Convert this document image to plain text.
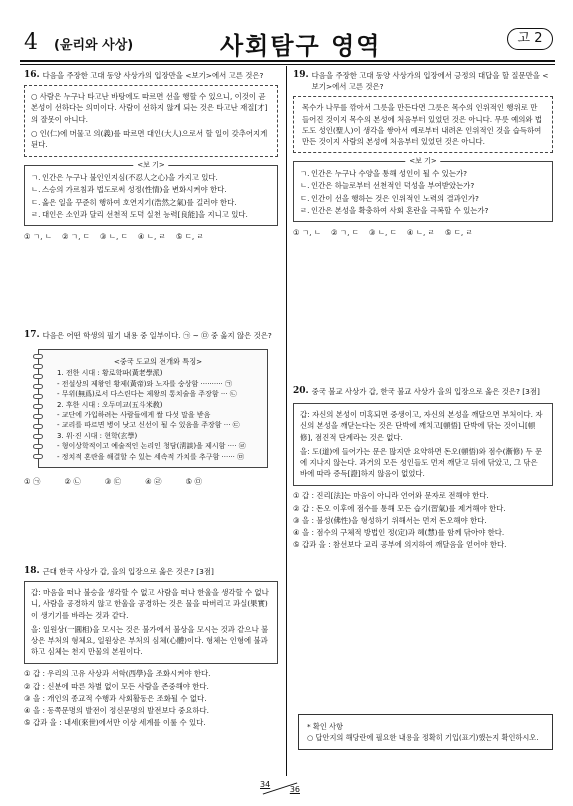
4 (윤리와 사상)	사회탐구 영역	고 2
16. 다음을 주장한 고대 동양 사상가의 입장만을 <보기>에서 고른 것은?
○ 사람은 누구나 타고난 바탕에도 따르면 선을 행할 수 있으니, 이것이 곧 본성이 선하다는 의미이다. 사람이 선하지 않게 되는 것은 타고난 재질[才]의 잘못이 아니다.
○ 인(仁)에 머물고 의(義)를 따르면 대인(大人)으로서 할 일이 갖추어지게 된다.
<보 기>
ㄱ. 인간은 누구나 불인인지심(不忍人之心)을 가지고 있다.
ㄴ. 스승의 가르침과 법도로써 성정(性情)을 변화시켜야 한다.
ㄷ. 옳은 일을 꾸준히 행하여 호연지기(浩然之氣)를 길러야 한다.
ㄹ. 대인은 소인과 달리 선천적 도덕 실천 능력[良能]을 지니고 있다.
① ㄱ, ㄴ ② ㄱ, ㄷ ③ ㄴ, ㄷ ④ ㄴ, ㄹ ⑤ ㄷ, ㄹ
17. 다음은 어떤 학생의 필기 내용 중 일부이다. ㉠ ~ ㉤ 중 옳지 않은 것은?
<중국 도교의 전개와 특징>
1. 전한 시대 : 황로학파(黃老學派)
- 전설상의 제왕인 황제(黃帝)와 노자를 숭상함 ·········· ㉠
- 무위(無爲)로서 다스린다는 제왕의 통치술을 주장함 ··· ㉡
2. 후한 시대 : 오두미교(五斗米敎)
- 교단에 가입하려는 사람들에게 쌀 다섯 말을 받음
- 교리를 따르면 병이 낫고 신선이 될 수 있음을 주장함 ··· ㉢
3. 위·진 시대 : 현학(玄學)
- 형이상학적이고 예술적인 논리인 청담(淸談)을 제시함 ···· ㉣
- 정치적 혼란을 해결할 수 있는 세속적 가치를 추구함 ······ ㉤
① ㉠	② ㉡	③ ㉢	④ ㉣	⑤ ㉤
18. 근대 한국 사상가 갑, 을의 입장으로 옳은 것은? [3점]
갑: 마음을 떠나 불승을 생각할 수 없고 사람을 떠나 한울을 생각할 수 없나니, 사람을 공경하지 않고 한울을 공경하는 것은 물을 따버리고 과실(果實)이 생기기를 바라는 것과 같다.
을: 일원상(一圓相)을 모시는 것은 불가에서 불상을 모시는 것과 같으나 불상은 부처의 형체요, 일원상은 부처의 심체(心體)이다. 형체는 인형에 불과하고 심체는 천지 만물의 본원이다.
① 갑 : 우리의 고유 사상과 서학(西學)을 조화시켜야 한다.
② 갑 : 신분에 따른 차별 없이 모든 사람을 존중해야 한다.
③ 을 : 개인의 종교적 수행과 사회활동은 조화될 수 없다.
④ 을 : 동쪽문명의 발전이 정신문명의 발전보다 중요하다.
⑤ 갑과 을 : 내세(來世)에서만 이상 세계를 이룰 수 있다.
19. 다음을 주장한 고대 동양 사상가의 입장에서 긍정의 대답을 할 질문만을 <보기>에서 고른 것은?
목수가 나무를 깎아서 그릇을 만든다면 그릇은 목수의 인위적인 행위로 만들어진 것이지 목수의 본성에 처음부터 있었던 것은 아니다. 무릇 예의와 법도도 성인(聖人)이 생각을 쌓아서 예로부터 내려온 인위적인 것을 습득하여 만든 것이지 사람의 본성에 처음부터 있었던 것은 아니다.
<보 기>
ㄱ. 인간은 누구나 수양을 통해 성인이 될 수 있는가?
ㄴ. 인간은 하늘로부터 선천적인 덕성을 부여받았는가?
ㄷ. 인간이 선을 행하는 것은 인위적인 노력의 결과인가?
ㄹ. 인간은 본성을 확충하여 사회 혼란을 극복할 수 있는가?
① ㄱ, ㄴ ② ㄱ, ㄷ ③ ㄴ, ㄷ ④ ㄴ, ㄹ ⑤ ㄷ, ㄹ
20. 중국 불교 사상가 갑, 한국 불교 사상가 을의 입장으로 옳은 것은? [3점]
갑: 자신의 본성이 미혹되면 중생이고, 자신의 본성을 깨달으면 부처이다. 자신의 본성을 깨닫는다는 것은 단박에 깨치고[頓悟] 단박에 닦는 것이니[頓修], 점진적 단계라는 것은 없다.
을: 도(道)에 들어가는 문은 많지만 요약하면 돈오(頓悟)와 점수(漸修) 두 문에 지나지 않는다. 과거의 모든 성인들도 먼저 깨닫고 뒤에 닦았고, 그 닦은 바에 따라 증득[證]하지 않음이 없었다.
① 갑 : 진리[法]는 마음이 아니라 언어와 문자로 전해야 한다.
② 갑 : 돈오 이후에 점수를 통해 모든 습기(習氣)를 제거해야 한다.
③ 을 : 불성(佛性)을 형성하기 위해서는 먼저 돈오해야 한다.
④ 을 : 점수의 구체적 방법인 정(定)과 혜(慧)를 함께 닦아야 한다.
⑤ 갑과 을 : 참선보다 교리 공부에 의지하여 깨달음을 얻어야 한다.
* 확인 사항
○ 답안지의 해당란에 필요한 내용을 정확히 기입(표기)했는지 확인하시오.
34
36
